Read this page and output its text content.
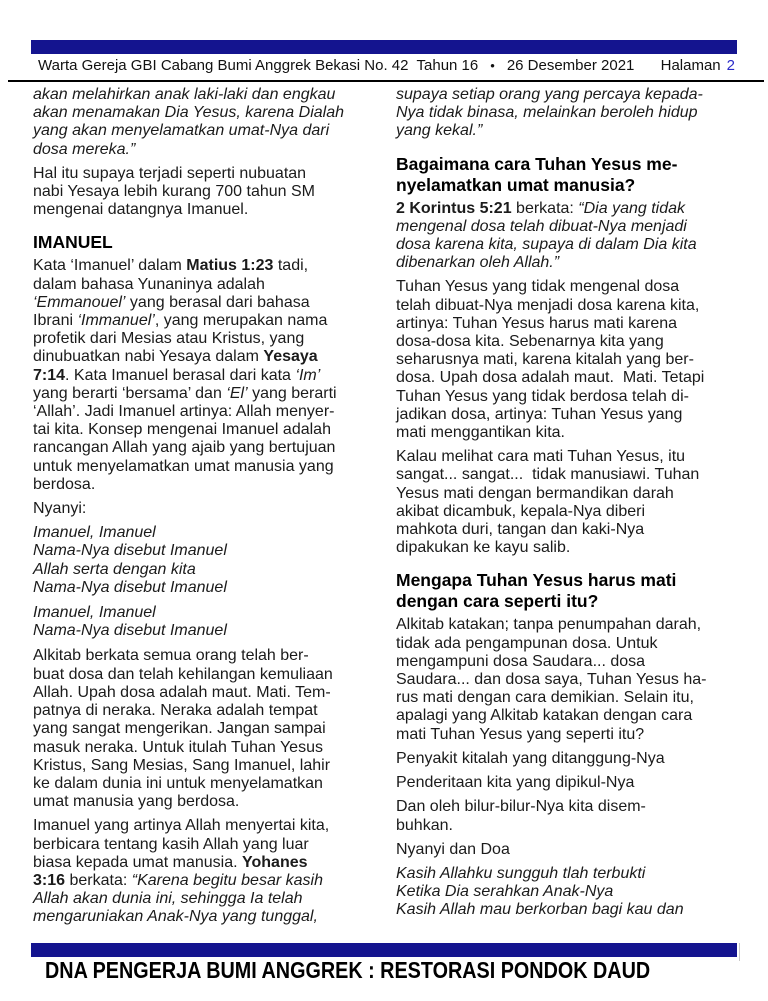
Warta Gereja GBI Cabang Bumi Anggrek Bekasi No. 42  Tahun 16 • 26 Desember 2021 Halaman 2
akan melahirkan anak laki-laki dan engkau
akan menamakan Dia Yesus, karena Dialah
yang akan menyelamatkan umat-Nya dari
dosa mereka.”
Hal itu supaya terjadi seperti nubuatan
nabi Yesaya lebih kurang 700 tahun SM
mengenai datangnya Imanuel.
IMANUEL
Kata ‘Imanuel’ dalam Matius 1:23 tadi,
dalam bahasa Yunaninya adalah
‘Emmanouel’ yang berasal dari bahasa
Ibrani ‘Immanuel’, yang merupakan nama
profetik dari Mesias atau Kristus, yang
dinubuatkan nabi Yesaya dalam Yesaya
7:14. Kata Imanuel berasal dari kata ‘Im’
yang berarti ‘bersama’ dan ‘El’ yang berarti
‘Allah’. Jadi Imanuel artinya: Allah menyer-
tai kita. Konsep mengenai Imanuel adalah
rancangan Allah yang ajaib yang bertujuan
untuk menyelamatkan umat manusia yang
berdosa.
Nyanyi:
Imanuel, Imanuel
Nama-Nya disebut Imanuel
Allah serta dengan kita
Nama-Nya disebut Imanuel
Imanuel, Imanuel
Nama-Nya disebut Imanuel
Alkitab berkata semua orang telah ber-
buat dosa dan telah kehilangan kemuliaan
Allah. Upah dosa adalah maut. Mati. Tem-
patnya di neraka. Neraka adalah tempat
yang sangat mengerikan. Jangan sampai
masuk neraka. Untuk itulah Tuhan Yesus
Kristus, Sang Mesias, Sang Imanuel, lahir
ke dalam dunia ini untuk menyelamatkan
umat manusia yang berdosa.
Imanuel yang artinya Allah menyertai kita,
berbicara tentang kasih Allah yang luar
biasa kepada umat manusia. Yohanes
3:16 berkata: “Karena begitu besar kasih
Allah akan dunia ini, sehingga Ia telah
mengaruniakan Anak-Nya yang tunggal,
supaya setiap orang yang percaya kepada-
Nya tidak binasa, melainkan beroleh hidup
yang kekal.”
Bagaimana cara Tuhan Yesus me-
nyelamatkan umat manusia?
2 Korintus 5:21 berkata: “Dia yang tidak
mengenal dosa telah dibuat-Nya menjadi
dosa karena kita, supaya di dalam Dia kita
dibenarkan oleh Allah.”
Tuhan Yesus yang tidak mengenal dosa
telah dibuat-Nya menjadi dosa karena kita,
artinya: Tuhan Yesus harus mati karena
dosa-dosa kita. Sebenarnya kita yang
seharusnya mati, karena kitalah yang ber-
dosa. Upah dosa adalah maut.  Mati. Tetapi
Tuhan Yesus yang tidak berdosa telah di-
jadikan dosa, artinya: Tuhan Yesus yang
mati menggantikan kita.
Kalau melihat cara mati Tuhan Yesus, itu
sangat... sangat...  tidak manusiawi. Tuhan
Yesus mati dengan bermandikan darah
akibat dicambuk, kepala-Nya diberi
mahkota duri, tangan dan kaki-Nya
dipakukan ke kayu salib.
Mengapa Tuhan Yesus harus mati
dengan cara seperti itu?
Alkitab katakan; tanpa penumpahan darah,
tidak ada pengampunan dosa. Untuk
mengampuni dosa Saudara... dosa
Saudara... dan dosa saya, Tuhan Yesus ha-
rus mati dengan cara demikian. Selain itu,
apalagi yang Alkitab katakan dengan cara
mati Tuhan Yesus yang seperti itu?
Penyakit kitalah yang ditanggung-Nya
Penderitaan kita yang dipikul-Nya
Dan oleh bilur-bilur-Nya kita disem-
buhkan.
Nyanyi dan Doa
Kasih Allahku sungguh tlah terbukti
Ketika Dia serahkan Anak-Nya
Kasih Allah mau berkorban bagi kau dan
DNA PENGERJA BUMI ANGGREK : RESTORASI PONDOK DAUD
